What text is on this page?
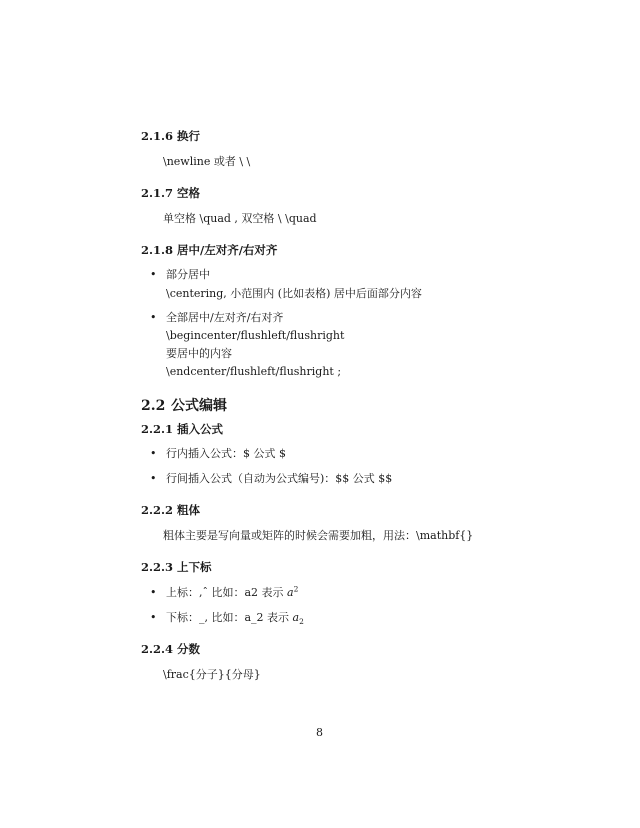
2.1.6 换行
\newline 或者 \ \
2.1.7 空格
单空格 \quad , 双空格 \ \quad
2.1.8 居中/左对齐/右对齐
• 部分居中
\centering, 小范围内 (比如表格) 居中后面部分内容
• 全部居中/左对齐/右对齐
\begincenter/flushleft/flushright
要居中的内容
\endcenter/flushleft/flushright ;
2.2 公式编辑
2.2.1 插入公式
• 行内插入公式：$ 公式 $
• 行间插入公式（自动为公式编号)：$$ 公式 $$
2.2.2 粗体
粗体主要是写向量或矩阵的时候会需要加粗，用法：\mathbf{}
2.2.3 上下标
• 上标：,ˆ 比如：a2 表示 $a^2$
• 下标：_, 比如：a_2 表示 $a_2$
2.2.4 分数
\frac{分子}{分母}
8
